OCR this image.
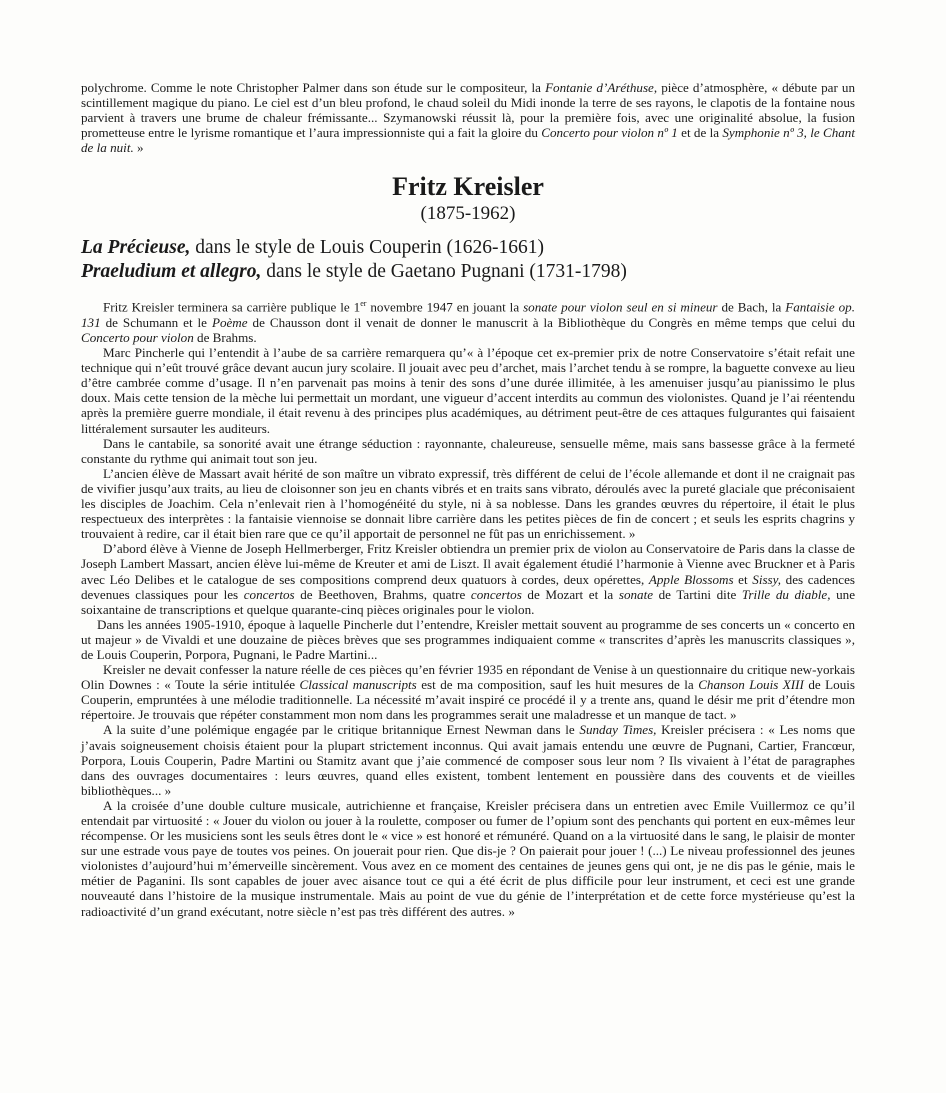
polychrome. Comme le note Christopher Palmer dans son étude sur le compositeur, la Fontanie d’Aréthuse, pièce d’atmosphère, « débute par un scintillement magique du piano. Le ciel est d’un bleu profond, le chaud soleil du Midi inonde la terre de ses rayons, le clapotis de la fontaine nous parvient à travers une brume de chaleur frémissante... Szymanowski réussit là, pour la première fois, avec une originalité absolue, la fusion prometteuse entre le lyrisme romantique et l’aura impressionniste qui a fait la gloire du Concerto pour violon nº 1 et de la Symphonie nº 3, le Chant de la nuit. »

Fritz Kreisler
(1875-1962)

La Précieuse, dans le style de Louis Couperin (1626-1661)

Praeludium et allegro, dans le style de Gaetano Pugnani (1731-1798)

Fritz Kreisler terminera sa carrière publique le 1er novembre 1947 en jouant la sonate pour violon seul en si mineur de Bach, la Fantaisie op. 131 de Schumann et le Poème de Chausson dont il venait de donner le manuscrit à la Bibliothèque du Congrès en même temps que celui du Concerto pour violon de Brahms.

Marc Pincherle qui l’entendit à l’aube de sa carrière remarquera qu’« à l’époque cet ex-premier prix de notre Conservatoire s’était refait une technique qui n’eût trouvé grâce devant aucun jury scolaire. Il jouait avec peu d’archet, mais l’archet tendu à se rompre, la baguette convexe au lieu d’être cambrée comme d’usage. Il n’en parvenait pas moins à tenir des sons d’une durée illimitée, à les amenuiser jusqu’au pianissimo le plus doux. Mais cette tension de la mèche lui permettait un mordant, une vigueur d’accent interdits au commun des violonistes. Quand je l’ai réentendu après la première guerre mondiale, il était revenu à des principes plus académiques, au détriment peut-être de ces attaques fulgurantes qui faisaient littéralement sursauter les auditeurs.

Dans le cantabile, sa sonorité avait une étrange séduction : rayonnante, chaleureuse, sensuelle même, mais sans bassesse grâce à la fermeté constante du rythme qui animait tout son jeu.

L’ancien élève de Massart avait hérité de son maître un vibrato expressif, très différent de celui de l’école allemande et dont il ne craignait pas de vivifier jusqu’aux traits, au lieu de cloisonner son jeu en chants vibrés et en traits sans vibrato, déroulés avec la pureté glaciale que préconisaient les disciples de Joachim. Cela n’enlevait rien à l’homogénéité du style, ni à sa noblesse. Dans les grandes œuvres du répertoire, il était le plus respectueux des interprètes : la fantaisie viennoise se donnait libre carrière dans les petites pièces de fin de concert ; et seuls les esprits chagrins y trouvaient à redire, car il était bien rare que ce qu’il apportait de personnel ne fût pas un enrichissement. »

D’abord élève à Vienne de Joseph Hellmerberger, Fritz Kreisler obtiendra un premier prix de violon au Conservatoire de Paris dans la classe de Joseph Lambert Massart, ancien élève lui-même de Kreuter et ami de Liszt. Il avait également étudié l’harmonie à Vienne avec Bruckner et à Paris avec Léo Delibes et le catalogue de ses compositions comprend deux quatuors à cordes, deux opérettes, Apple Blossoms et Sissy, des cadences devenues classiques pour les concertos de Beethoven, Brahms, quatre concertos de Mozart et la sonate de Tartini dite Trille du diable, une soixantaine de transcriptions et quelque quarante-cinq pièces originales pour le violon.

Dans les années 1905-1910, époque à laquelle Pincherle dut l’entendre, Kreisler mettait souvent au programme de ses concerts un « concerto en ut majeur » de Vivaldi et une douzaine de pièces brèves que ses programmes indiquaient comme « transcrites d’après les manuscrits classiques », de Louis Couperin, Porpora, Pugnani, le Padre Martini...

Kreisler ne devait confesser la nature réelle de ces pièces qu’en février 1935 en répondant de Venise à un questionnaire du critique new-yorkais Olin Downes : « Toute la série intitulée Classical manuscripts est de ma composition, sauf les huit mesures de la Chanson Louis XIII de Louis Couperin, empruntées à une mélodie traditionnelle. La nécessité m’avait inspiré ce procédé il y a trente ans, quand le désir me prit d’étendre mon répertoire. Je trouvais que répéter constamment mon nom dans les programmes serait une maladresse et un manque de tact. »

A la suite d’une polémique engagée par le critique britannique Ernest Newman dans le Sunday Times, Kreisler précisera : « Les noms que j’avais soigneusement choisis étaient pour la plupart strictement inconnus. Qui avait jamais entendu une œuvre de Pugnani, Cartier, Francœur, Porpora, Louis Couperin, Padre Martini ou Stamitz avant que j’aie commencé de composer sous leur nom ? Ils vivaient à l’état de paragraphes dans des ouvrages documentaires : leurs œuvres, quand elles existent, tombent lentement en poussière dans des couvents et de vieilles bibliothèques... »

A la croisée d’une double culture musicale, autrichienne et française, Kreisler précisera dans un entretien avec Emile Vuillermoz ce qu’il entendait par virtuosité : « Jouer du violon ou jouer à la roulette, composer ou fumer de l’opium sont des penchants qui portent en eux-mêmes leur récompense. Or les musiciens sont les seuls êtres dont le « vice » est honoré et rémunéré. Quand on a la virtuosité dans le sang, le plaisir de monter sur une estrade vous paye de toutes vos peines. On jouerait pour rien. Que dis-je ? On paierait pour jouer ! (...) Le niveau professionnel des jeunes violonistes d’aujourd’hui m’émerveille sincèrement. Vous avez en ce moment des centaines de jeunes gens qui ont, je ne dis pas le génie, mais le métier de Paganini. Ils sont capables de jouer avec aisance tout ce qui a été écrit de plus difficile pour leur instrument, et ceci est une grande nouveauté dans l’histoire de la musique instrumentale. Mais au point de vue du génie de l’interprétation et de cette force mystérieuse qu’est la radioactivité d’un grand exécutant, notre siècle n’est pas très différent des autres. »
